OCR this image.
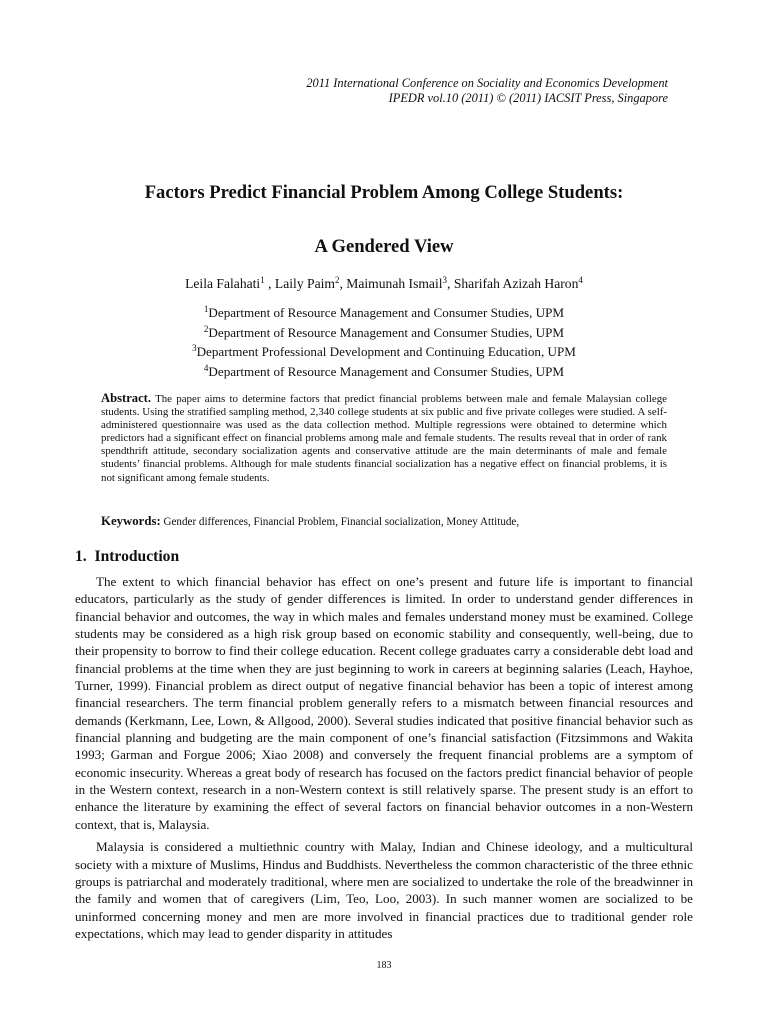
2011 International Conference on Sociality and Economics Development
IPEDR vol.10 (2011) © (2011) IACSIT Press, Singapore
Factors Predict Financial Problem Among College Students:
A Gendered View
Leila Falahati$^1$ , Laily Paim$^2$, Maimunah Ismail$^3$, Sharifah Azizah Haron$^4$
$^1$Department of Resource Management and Consumer Studies, UPM
$^2$Department of Resource Management and Consumer Studies, UPM
$^3$Department Professional Development and Continuing Education, UPM
$^4$Department of Resource Management and Consumer Studies, UPM
Abstract. The paper aims to determine factors that predict financial problems between male and female Malaysian college students. Using the stratified sampling method, 2,340 college students at six public and five private colleges were studied. A self-administered questionnaire was used as the data collection method. Multiple regressions were obtained to determine which predictors had a significant effect on financial problems among male and female students. The results reveal that in order of rank spendthrift attitude, secondary socialization agents and conservative attitude are the main determinants of male and female students’ financial problems. Although for male students financial socialization has a negative effect on financial problems, it is not significant among female students.
Keywords: Gender differences, Financial Problem, Financial socialization, Money Attitude,
1. Introduction

The extent to which financial behavior has effect on one’s present and future life is important to financial educators, particularly as the study of gender differences is limited. In order to understand gender differences in financial behavior and outcomes, the way in which males and females understand money must be examined. College students may be considered as a high risk group based on economic stability and consequently, well-being, due to their propensity to borrow to find their college education. Recent college graduates carry a considerable debt load and financial problems at the time when they are just beginning to work in careers at beginning salaries (Leach, Hayhoe, Turner, 1999). Financial problem as direct output of negative financial behavior has been a topic of interest among financial researchers. The term financial problem generally refers to a mismatch between financial resources and demands (Kerkmann, Lee, Lown, & Allgood, 2000). Several studies indicated that positive financial behavior such as financial planning and budgeting are the main component of one’s financial satisfaction (Fitzsimmons and Wakita 1993; Garman and Forgue 2006; Xiao 2008) and conversely the frequent financial problems are a symptom of economic insecurity. Whereas a great body of research has focused on the factors predict financial behavior of people in the Western context, research in a non-Western context is still relatively sparse. The present study is an effort to enhance the literature by examining the effect of several factors on financial behavior outcomes in a non-Western context, that is, Malaysia.

Malaysia is considered a multiethnic country with Malay, Indian and Chinese ideology, and a multicultural society with a mixture of Muslims, Hindus and Buddhists. Nevertheless the common characteristic of the three ethnic groups is patriarchal and moderately traditional, where men are socialized to undertake the role of the breadwinner in the family and women that of caregivers (Lim, Teo, Loo, 2003). In such manner women are socialized to be uninformed concerning money and men are more involved in financial practices due to traditional gender role expectations, which may lead to gender disparity in attitudes

183
